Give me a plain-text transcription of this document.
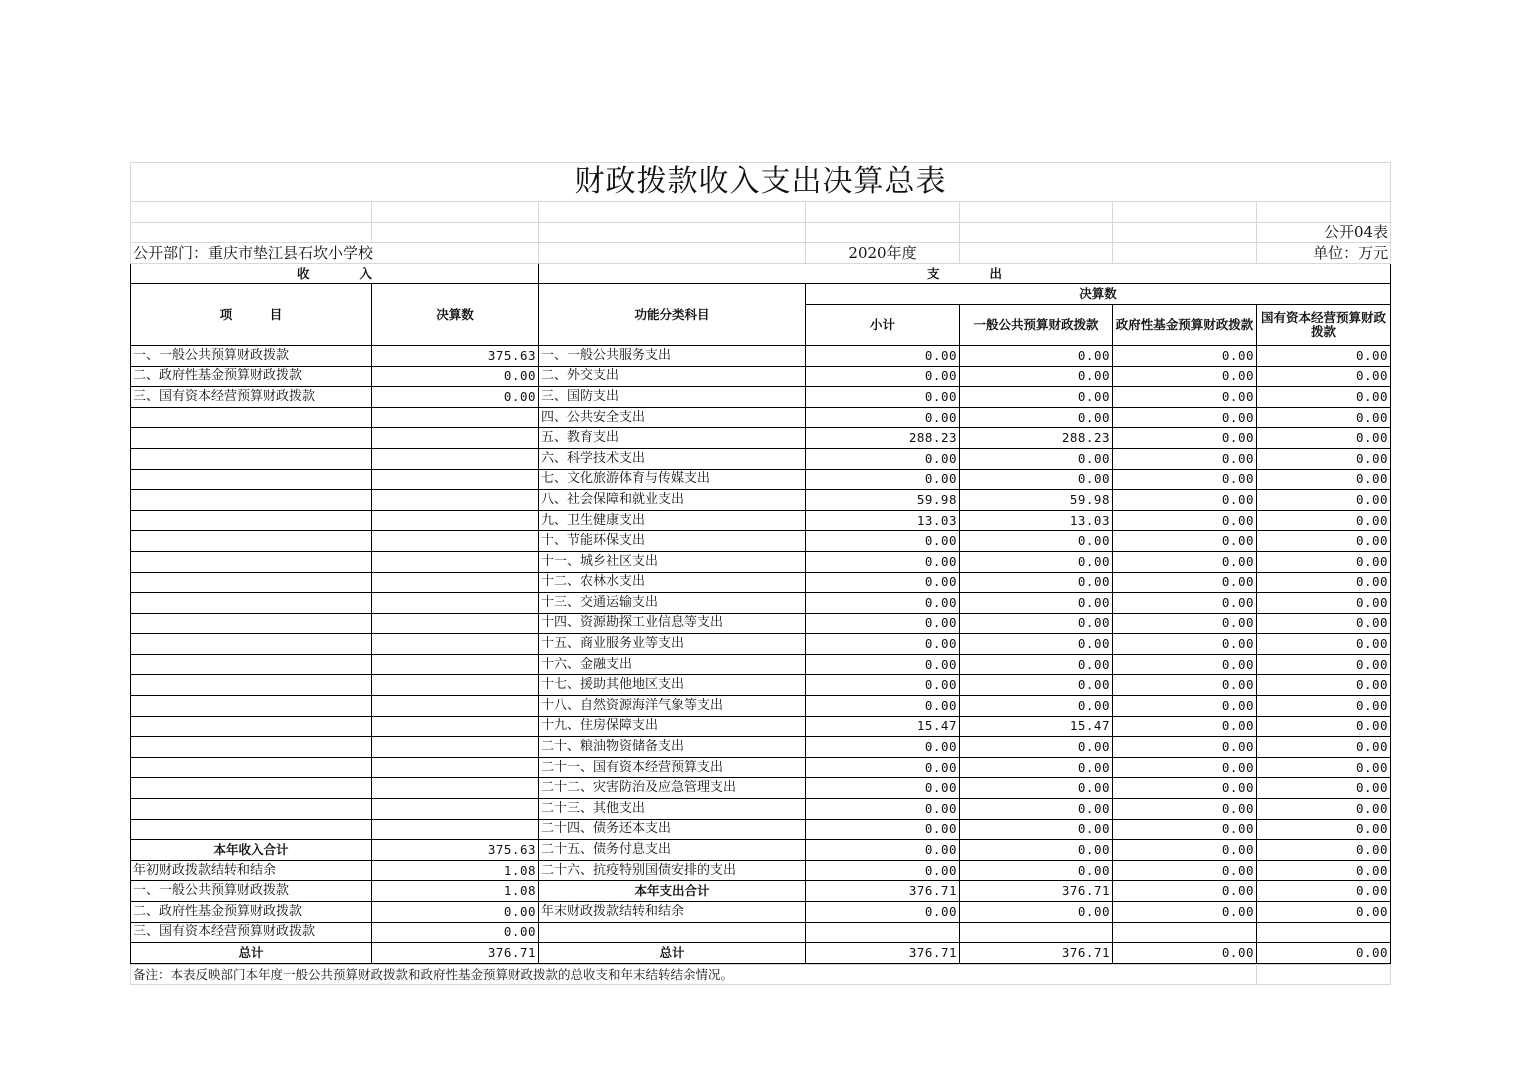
财政拨款收入支出决算总表						

						公开04表
公开部门：重庆市垫江县石坎小学校			2020年度			单位：万元
收　　　　入		支　　　　出				
项　　　目	决算数	功能分类科目	决算数			
			小计	一般公共预算财政拨款	政府性基金预算财政拨款	国有资本经营预算财政拨款
一、一般公共预算财政拨款	375.63	一、一般公共服务支出	0.00	0.00	0.00	0.00
二、政府性基金预算财政拨款	0.00	二、外交支出	0.00	0.00	0.00	0.00
三、国有资本经营预算财政拨款	0.00	三、国防支出	0.00	0.00	0.00	0.00
		四、公共安全支出	0.00	0.00	0.00	0.00
		五、教育支出	288.23	288.23	0.00	0.00
		六、科学技术支出	0.00	0.00	0.00	0.00
		七、文化旅游体育与传媒支出	0.00	0.00	0.00	0.00
		八、社会保障和就业支出	59.98	59.98	0.00	0.00
		九、卫生健康支出	13.03	13.03	0.00	0.00
		十、节能环保支出	0.00	0.00	0.00	0.00
		十一、城乡社区支出	0.00	0.00	0.00	0.00
		十二、农林水支出	0.00	0.00	0.00	0.00
		十三、交通运输支出	0.00	0.00	0.00	0.00
		十四、资源勘探工业信息等支出	0.00	0.00	0.00	0.00
		十五、商业服务业等支出	0.00	0.00	0.00	0.00
		十六、金融支出	0.00	0.00	0.00	0.00
		十七、援助其他地区支出	0.00	0.00	0.00	0.00
		十八、自然资源海洋气象等支出	0.00	0.00	0.00	0.00
		十九、住房保障支出	15.47	15.47	0.00	0.00
		二十、粮油物资储备支出	0.00	0.00	0.00	0.00
		二十一、国有资本经营预算支出	0.00	0.00	0.00	0.00
		二十二、灾害防治及应急管理支出	0.00	0.00	0.00	0.00
		二十三、其他支出	0.00	0.00	0.00	0.00
		二十四、债务还本支出	0.00	0.00	0.00	0.00
本年收入合计	375.63	二十五、债务付息支出	0.00	0.00	0.00	0.00
年初财政拨款结转和结余	1.08	二十六、抗疫特别国债安排的支出	0.00	0.00	0.00	0.00
一、一般公共预算财政拨款	1.08	本年支出合计	376.71	376.71	0.00	0.00
二、政府性基金预算财政拨款	0.00	年末财政拨款结转和结余	0.00	0.00	0.00	0.00
三、国有资本经营预算财政拨款	0.00					
总计	376.71	总计	376.71	376.71	0.00	0.00
备注：本表反映部门本年度一般公共预算财政拨款和政府性基金预算财政拨款的总收支和年末结转结余情况。	
